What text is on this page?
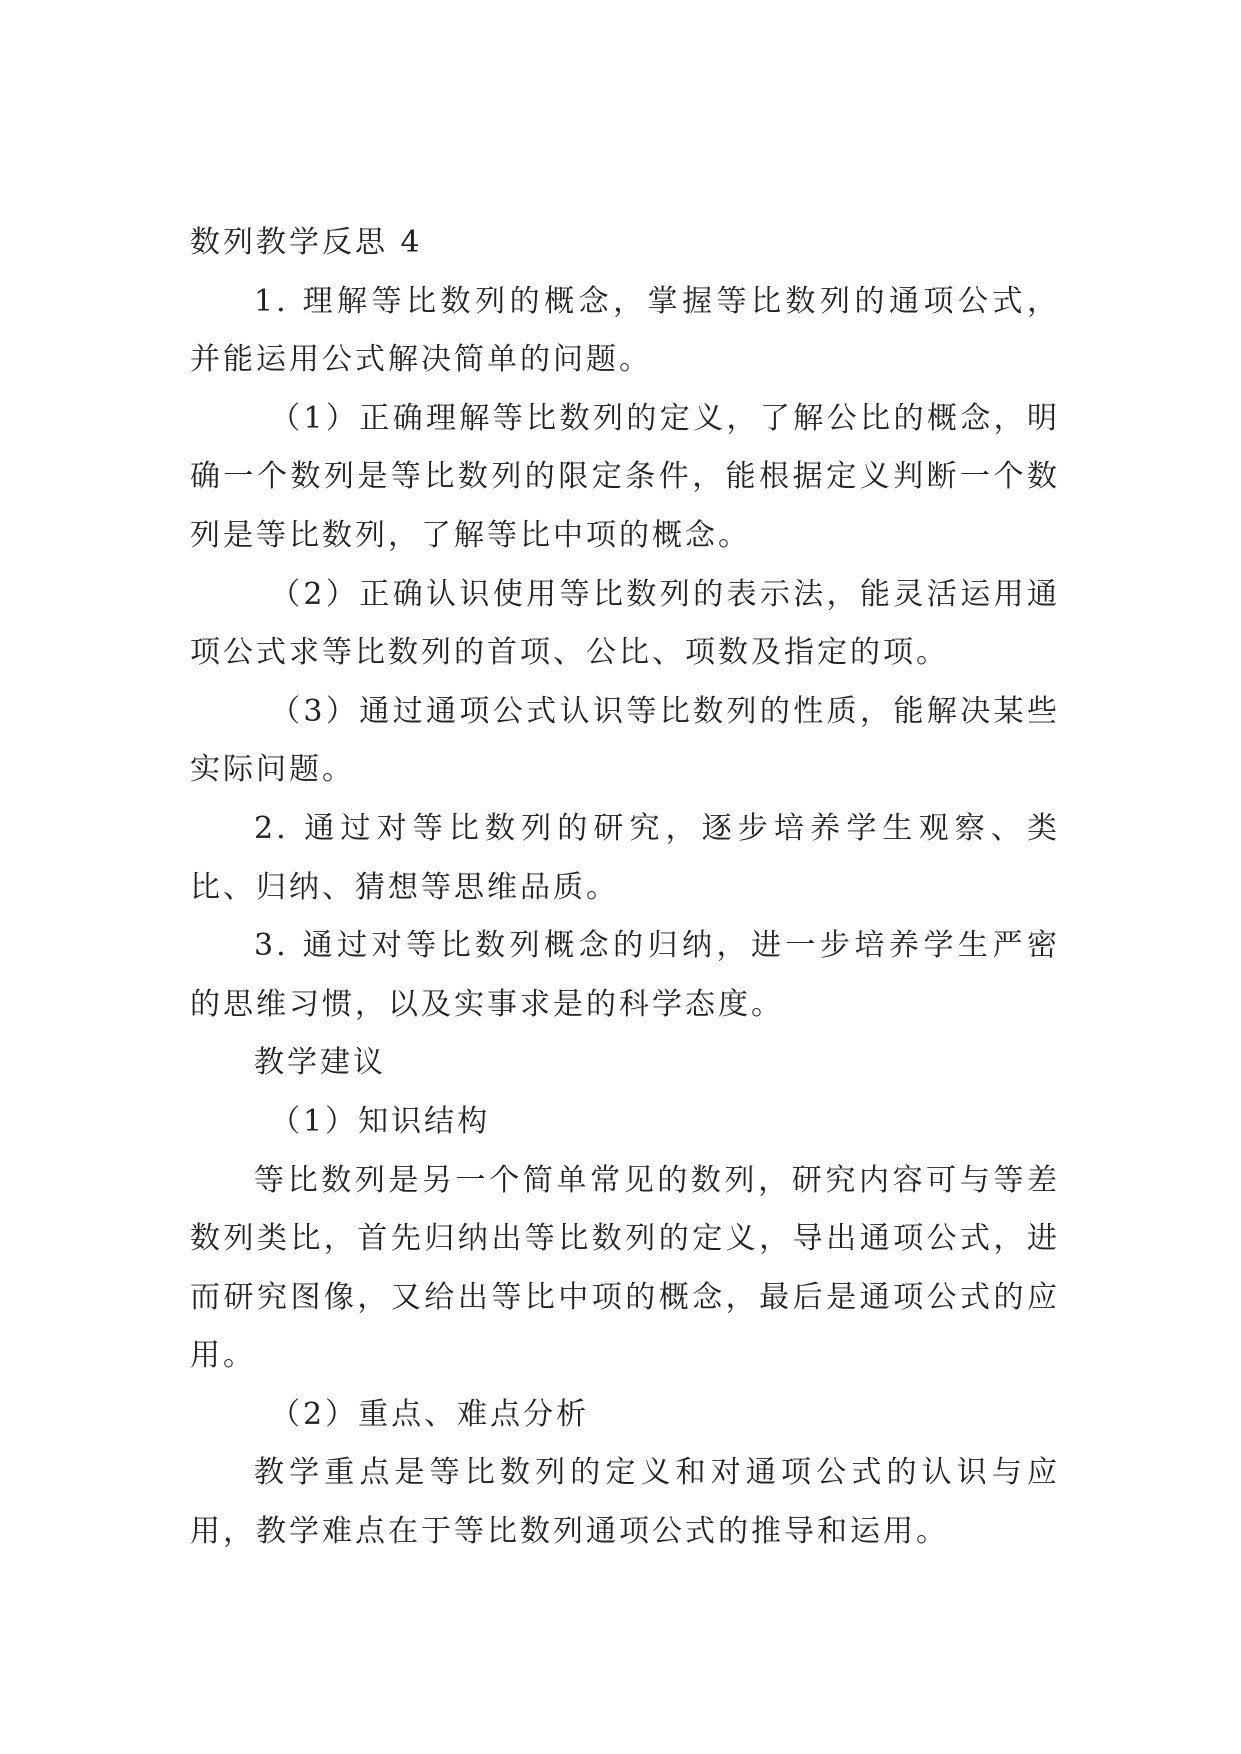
数列教学反思 4

1. 理解等比数列的概念，掌握等比数列的通项公式，并能运用公式解决简单的问题。

（1）正确理解等比数列的定义，了解公比的概念，明确一个数列是等比数列的限定条件，能根据定义判断一个数列是等比数列，了解等比中项的概念。

（2）正确认识使用等比数列的表示法，能灵活运用通项公式求等比数列的首项、公比、项数及指定的项。

（3）通过通项公式认识等比数列的性质，能解决某些实际问题。

2. 通过对等比数列的研究，逐步培养学生观察、类比、归纳、猜想等思维品质。

3. 通过对等比数列概念的归纳，进一步培养学生严密的思维习惯，以及实事求是的科学态度。

教学建议

（1）知识结构

等比数列是另一个简单常见的数列，研究内容可与等差数列类比，首先归纳出等比数列的定义，导出通项公式，进而研究图像，又给出等比中项的概念，最后是通项公式的应用。

（2）重点、难点分析

教学重点是等比数列的定义和对通项公式的认识与应用，教学难点在于等比数列通项公式的推导和运用。
